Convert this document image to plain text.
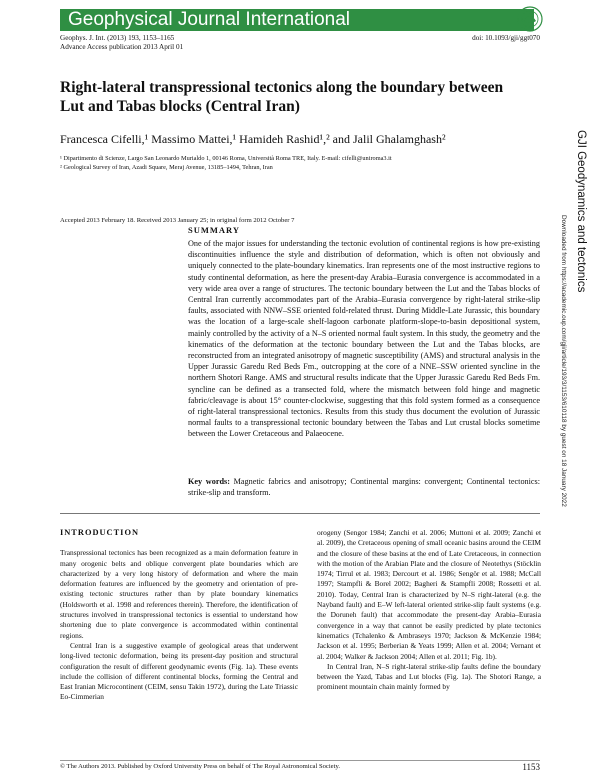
Geophysical Journal International
Geophys. J. Int. (2013) 193, 1153–1165
Advance Access publication 2013 April 01
doi: 10.1093/gji/ggt070
Right-lateral transpressional tectonics along the boundary between Lut and Tabas blocks (Central Iran)
Francesca Cifelli,¹ Massimo Mattei,¹ Hamideh Rashid¹,² and Jalil Ghalamghash²
¹ Dipartimento di Scienze, Largo San Leonardo Murialdo 1, 00146 Roma, Università Roma TRE, Italy. E-mail: cifelli@uniroma3.it
² Geological Survey of Iran, Azadi Square, Meraj Avenue, 13185–1494, Tehran, Iran
Accepted 2013 February 18. Received 2013 January 25; in original form 2012 October 7
SUMMARY
One of the major issues for understanding the tectonic evolution of continental regions is how pre-existing discontinuities influence the style and distribution of deformation, which is often not obviously and uniquely connected to the plate-boundary kinematics. Iran represents one of the most instructive regions to study continental deformation, as here the present-day Arabia–Eurasia convergence is accommodated in a very wide area over a range of structures. The tectonic boundary between the Lut and the Tabas blocks of Central Iran currently accommodates part of the Arabia–Eurasia convergence by right-lateral strike-slip faults, associated with NNW–SSE oriented fold-related thrust. During Middle-Late Jurassic, this boundary was the location of a large-scale shelf-lagoon carbonate platform-slope-to-basin depositional system, mainly controlled by the activity of a N–S oriented normal fault system. In this study, the geometry and the kinematics of the deformation at the tectonic boundary between the Lut and the Tabas blocks, are reconstructed from an integrated anisotropy of magnetic susceptibility (AMS) and structural analysis in the Upper Jurassic Garedu Red Beds Fm., outcropping at the core of a NNE–SSW oriented syncline in the northern Shotori Range. AMS and structural results indicate that the Upper Jurassic Garedu Red Beds Fm. syncline can be defined as a transected fold, where the mismatch between fold hinge and magnetic fabric/cleavage is about 15° counter-clockwise, suggesting that this fold system formed as a consequence of right-lateral transpressional tectonics. Results from this study thus document the evolution of Jurassic normal faults to a transpressional tectonic boundary between the Tabas and Lut crustal blocks sometime between the Lower Cretaceous and Palaeocene.
Key words: Magnetic fabrics and anisotropy; Continental margins: convergent; Continental tectonics: strike-slip and transform.
INTRODUCTION

Transpressional tectonics has been recognized as a main deformation feature in many orogenic belts and oblique convergent plate boundaries which are characterized by a very long history of deformation and where the main deformation features are influenced by the geometry and orientation of pre-existing tectonic structures rather than by plate boundary kinematics (Holdsworth et al. 1998 and references therein). Therefore, the identification of structures involved in transpressional tectonics is essential to understand how shortening due to plate convergence is accommodated within continental regions.

Central Iran is a suggestive example of geological areas that underwent long-lived tectonic deformation, being its present-day position and structural configuration the result of different geodynamic events (Fig. 1a). These events include the collision of different continental blocks, forming the Central and East Iranian Microcontinent (CEIM, sensu Takin 1972), during the Late Triassic Eo-Cimmerian

orogeny (Sengor 1984; Zanchi et al. 2006; Muttoni et al. 2009; Zanchi et al. 2009), the Cretaceous opening of small oceanic basins around the CEIM and the closure of these basins at the end of Late Cretaceous, in connection with the motion of the Arabian Plate and the closure of Neotethys (Stöcklin 1974; Tirrul et al. 1983; Dercourt et al. 1986; Sengör et al. 1988; McCall 1997; Stampfli & Borel 2002; Bagheri & Stampfli 2008; Rossetti et al. 2010). Today, Central Iran is characterized by N–S right-lateral (e.g. the Nayband fault) and E–W left-lateral oriented strike-slip fault systems (e.g. the Doruneh fault) that accommodate the present-day Arabia–Eurasia convergence in a way that cannot be easily predicted by plate tectonics kinematics (Tchalenko & Ambraseys 1970; Jackson & McKenzie 1984; Jackson et al. 1995; Berberian & Yeats 1999; Allen et al. 2004; Vernant et al. 2004; Walker & Jackson 2004; Allen et al. 2011; Fig. 1b).

In Central Iran, N–S right-lateral strike-slip faults define the boundary between the Yazd, Tabas and Lut blocks (Fig. 1a). The Shotori Range, a prominent mountain chain mainly formed by

© The Authors 2013. Published by Oxford University Press on behalf of The Royal Astronomical Society.	1153
GJI Geodynamics and tectonics
Downloaded from https://academic.oup.com/gji/article/193/3/1153/610118 by guest on 18 January 2022
